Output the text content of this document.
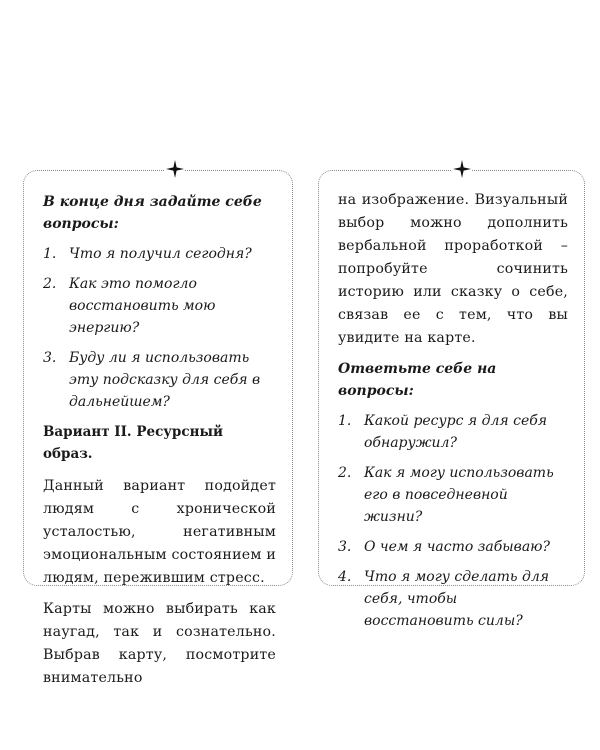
В конце дня задайте себе вопросы:
1. Что я получил сегодня?
2. Как это помогло восстановить мою энергию?
3. Буду ли я использовать эту подсказку для себя в дальнейшем?
Вариант II. Ресурсный образ.

Данный вариант подойдет людям с хронической усталостью, негативным эмоциональным состоянием и людям, пережившим стресс.

Карты можно выбирать как наугад, так и сознательно. Выбрав карту, посмотрите внимательно

на изображение. Визуальный выбор можно дополнить вербальной проработкой – попробуйте сочинить историю или сказку о себе, связав ее с тем, что вы увидите на карте.

Ответьте себе на вопросы:
1. Какой ресурс я для себя обнаружил?
2. Как я могу использовать его в повседневной жизни?
3. О чем я часто забываю?
4. Что я могу сделать для себя, чтобы восстановить силы?
